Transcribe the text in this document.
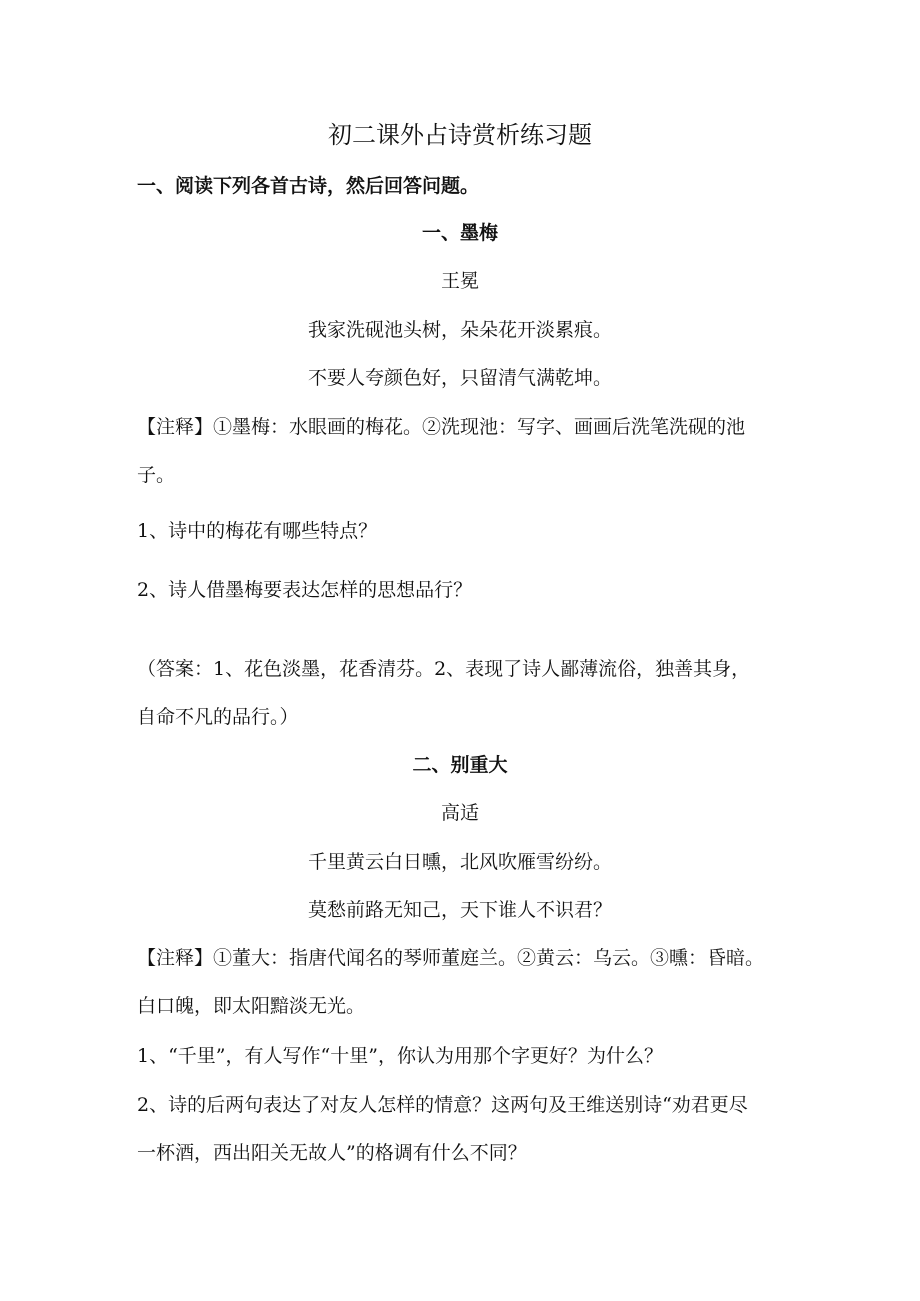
初二课外占诗赏析练习题
一、阅读下列各首古诗，然后回答问题。
一、墨梅
王冕
我家洗砚池头树，朵朵花开淡累痕。
不要人夸颜色好，只留清气满乾坤。
【注释】①墨梅：水眼画的梅花。②洗现池：写字、画画后洗笔洗砚的池
子。
1、诗中的梅花有哪些特点？
2、诗人借墨梅要表达怎样的思想品行？
（答案：1、花色淡墨，花香清芬。2、表现了诗人鄙薄流俗，独善其身，
自命不凡的品行。）
二、别重大
高适
千里黄云白日曛，北风吹雁雪纷纷。
莫愁前路无知己，天下谁人不识君？
【注释】①董大：指唐代闻名的琴师董庭兰。②黄云：乌云。③曛：昏暗。
白口魄，即太阳黯淡无光。
1、“千里”，有人写作“十里”，你认为用那个字更好？为什么？
2、诗的后两句表达了对友人怎样的情意？这两句及王维送别诗“劝君更尽
一杯酒，西出阳关无故人”的格调有什么不同？
